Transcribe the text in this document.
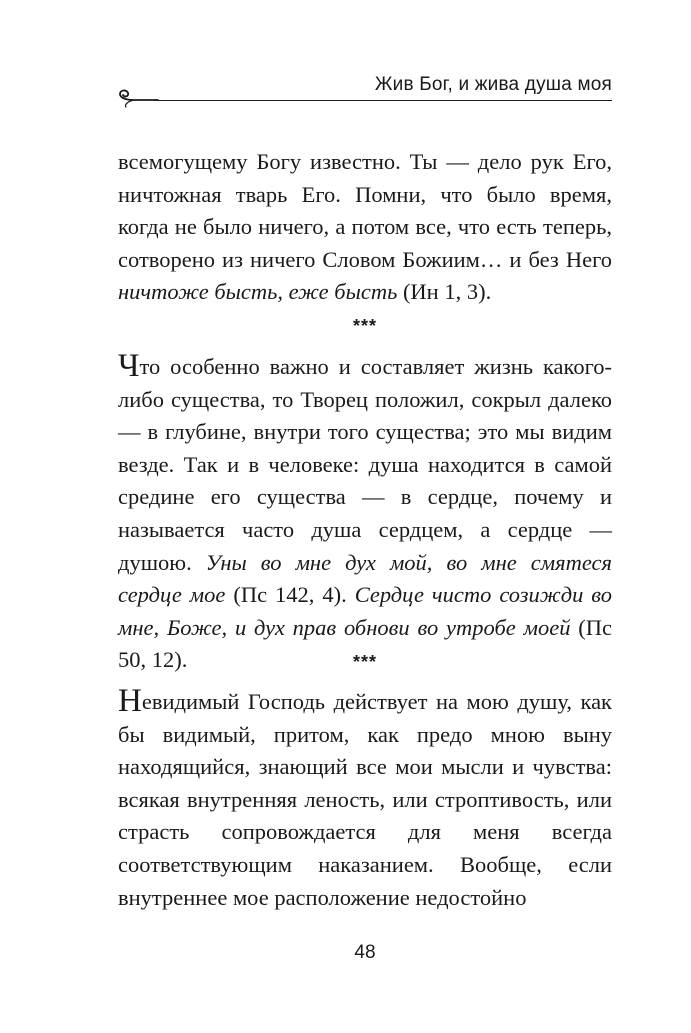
Жив Бог, и жива душа моя

всемогущему Богу известно. Ты — дело рук Его, ничтожная тварь Его. Помни, что было время, когда не было ничего, а потом все, что есть теперь, сотворено из ничего Словом Божиим… и без Него ничтоже бысть, еже бысть (Ин 1, 3).

***

Что особенно важно и составляет жизнь какого-либо существа, то Творец положил, сокрыл далеко — в глубине, внутри того существа; это мы видим везде. Так и в человеке: душа находится в самой средине его существа — в сердце, почему и называется часто душа сердцем, а сердце — душою. Уны во мне дух мой, во мне смятеся сердце мое (Пс 142, 4). Сердце чисто созижди во мне, Боже, и дух прав обнови во утробе моей (Пс 50, 12).	***

Невидимый Господь действует на мою душу, как бы видимый, притом, как предо мною выну находящийся, знающий все мои мысли и чувства: всякая внутренняя леность, или строптивость, или страсть сопровождается для меня всегда соответствующим наказанием. Вообще, если внутреннее мое расположение недостойно

48
